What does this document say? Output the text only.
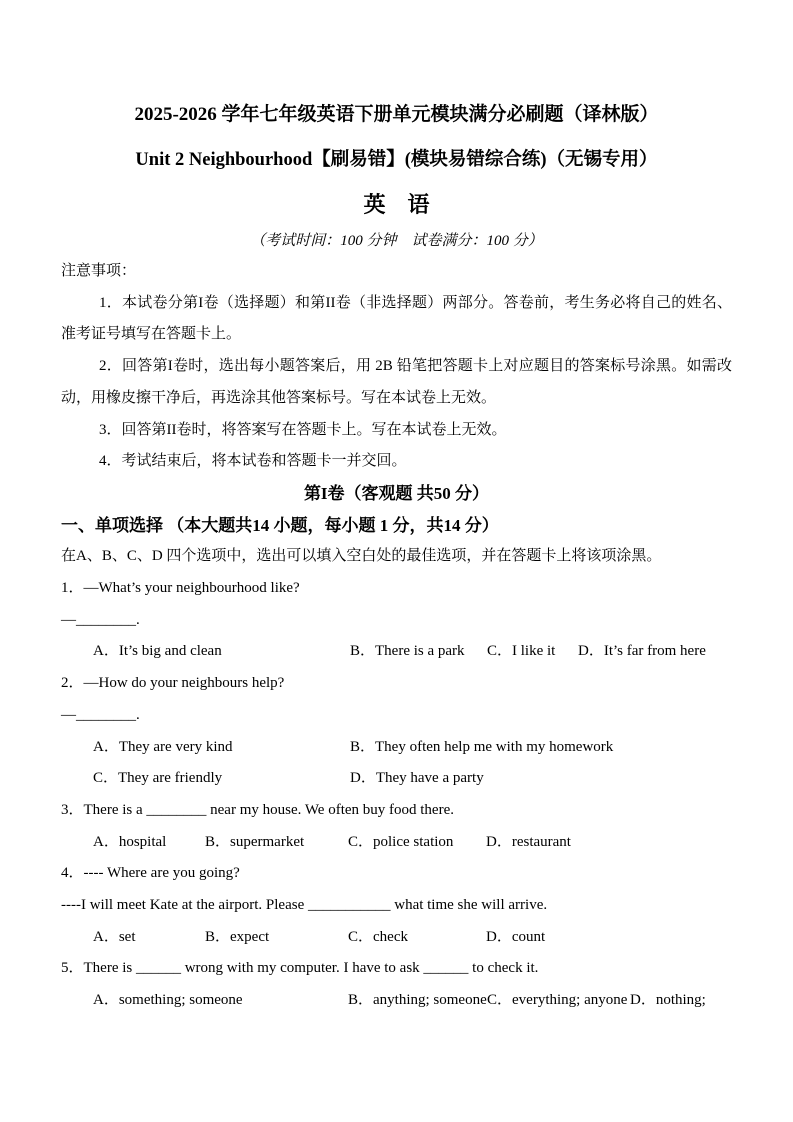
2025-2026 学年七年级英语下册单元模块满分必刷题（译林版）
Unit 2 Neighbourhood【刷易错】(模块易错综合练)（无锡专用）
英　语
（考试时间：100 分钟　试卷满分：100 分）

注意事项：

1．本试卷分第I卷（选择题）和第II卷（非选择题）两部分。答卷前，考生务必将自己的姓名、准考证号填写在答题卡上。

2．回答第I卷时，选出每小题答案后，用 2B 铅笔把答题卡上对应题目的答案标号涂黑。如需改动，用橡皮擦干净后，再选涂其他答案标号。写在本试卷上无效。

3．回答第II卷时，将答案写在答题卡上。写在本试卷上无效。

4．考试结束后，将本试卷和答题卡一并交回。

第I卷（客观题 共50 分）

一、单项选择 （本大题共14 小题，每小题 1 分，共14 分）

在A、B、C、D 四个选项中，选出可以填入空白处的最佳选项，并在答题卡上将该项涂黑。

1．—What’s your neighbourhood like?

—________.

A．It’s big and clean	B．There is a park	C．I like it	D．It’s far from here

2．—How do your neighbours help?

—________.

A．They are very kind	B．They often help me with my homework
C．They are friendly	D．They have a party

3．There is a ________ near my house. We often buy food there.

A．hospital	B．supermarket	C．police station	D．restaurant

4．---- Where are you going?

----I will meet Kate at the airport. Please ___________ what time she will arrive.

A．set	B．expect	C．check	D．count

5．There is ______ wrong with my computer. I have to ask ______ to check it.

A．something; someone	B．anything; someone C．everything; anyone D．nothing;
